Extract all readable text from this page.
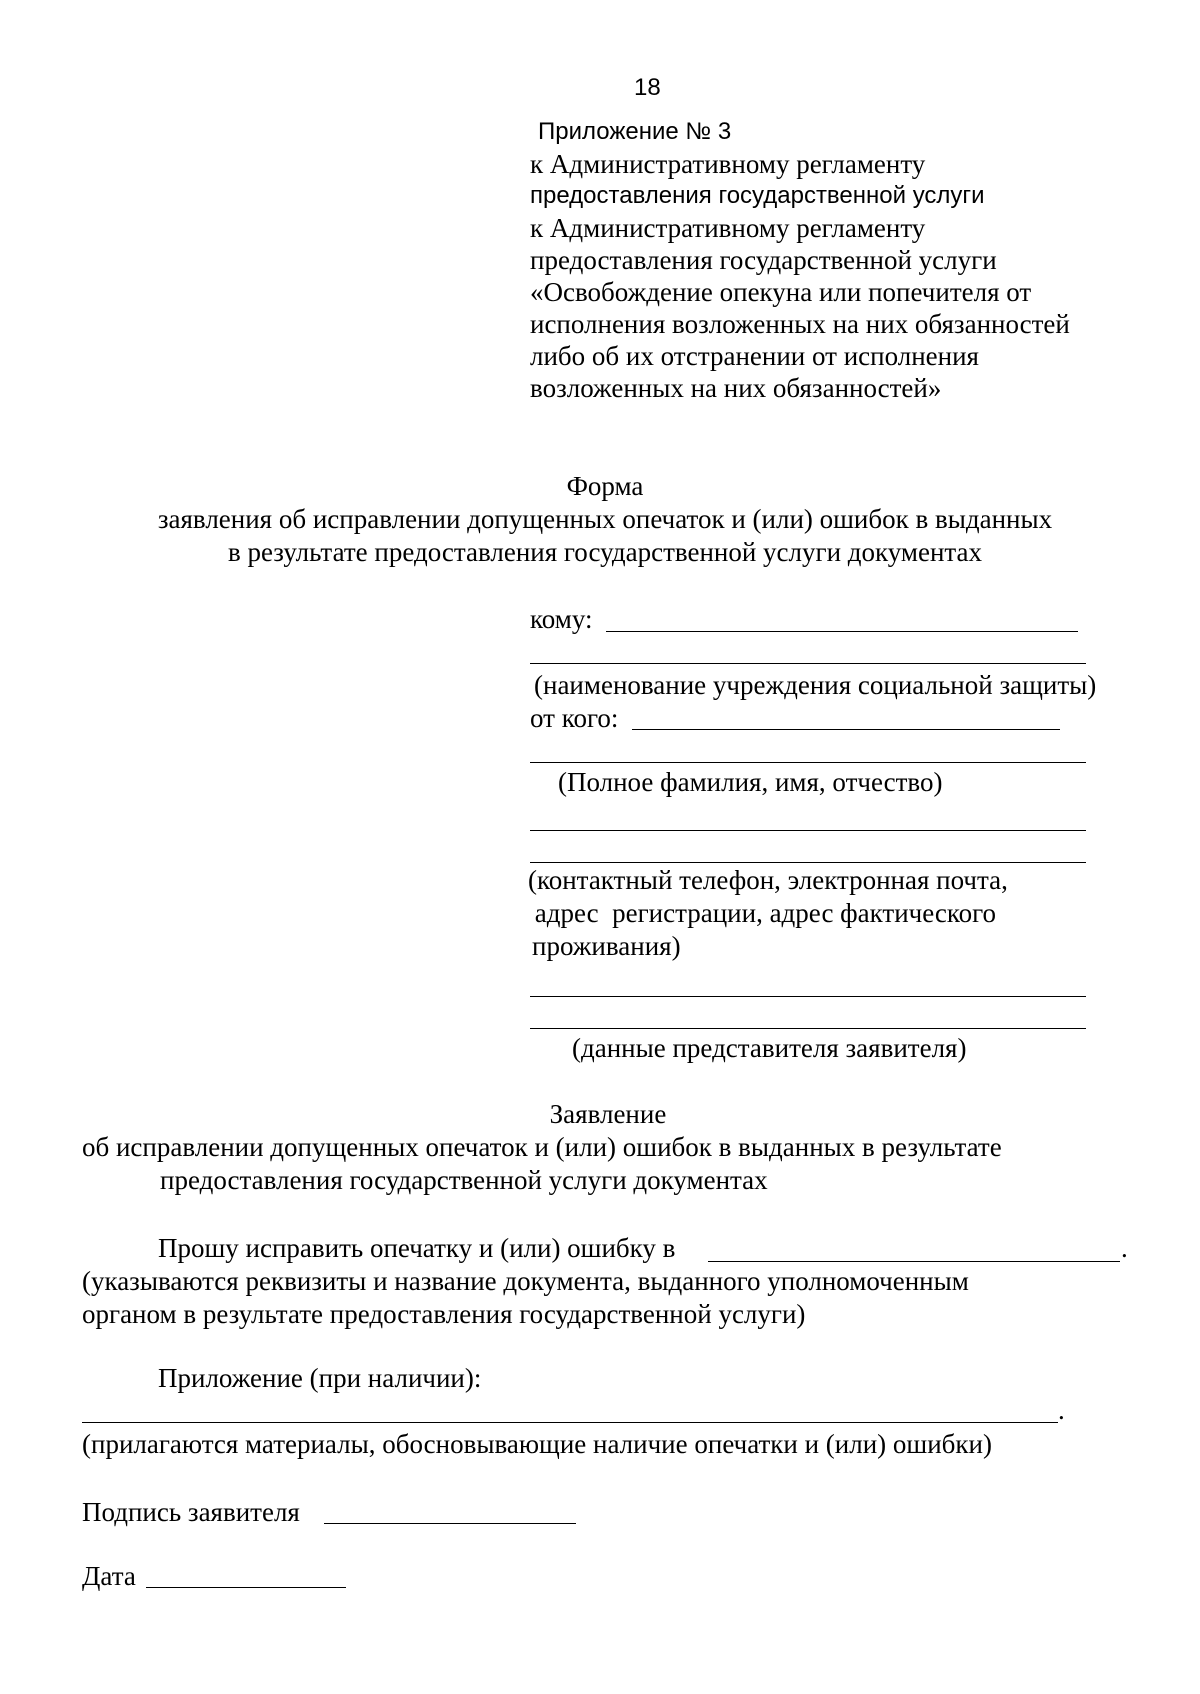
18
Приложение № 3
к Административному регламенту
предоставления государственной услуги
к Административному регламенту
предоставления государственной услуги
«Освобождение опекуна или попечителя от
исполнения возложенных на них обязанностей
либо об их отстранении от исполнения
возложенных на них обязанностей»
Форма
заявления об исправлении допущенных опечаток и (или) ошибок в выданных
в результате предоставления государственной услуги документах
кому:
(наименование учреждения социальной защиты)
от кого:
(Полное фамилия, имя, отчество)
(контактный телефон, электронная почта,
адрес  регистрации, адрес фактического
проживания)
(данные представителя заявителя)
Заявление
об исправлении допущенных опечаток и (или) ошибок в выданных в результате
предоставления государственной услуги документах
Прошу исправить опечатку и (или) ошибку в	.
(указываются реквизиты и название документа, выданного уполномоченным
органом в результате предоставления государственной услуги)
Приложение (при наличии):
.
(прилагаются материалы, обосновывающие наличие опечатки и (или) ошибки)
Подпись заявителя
Дата
